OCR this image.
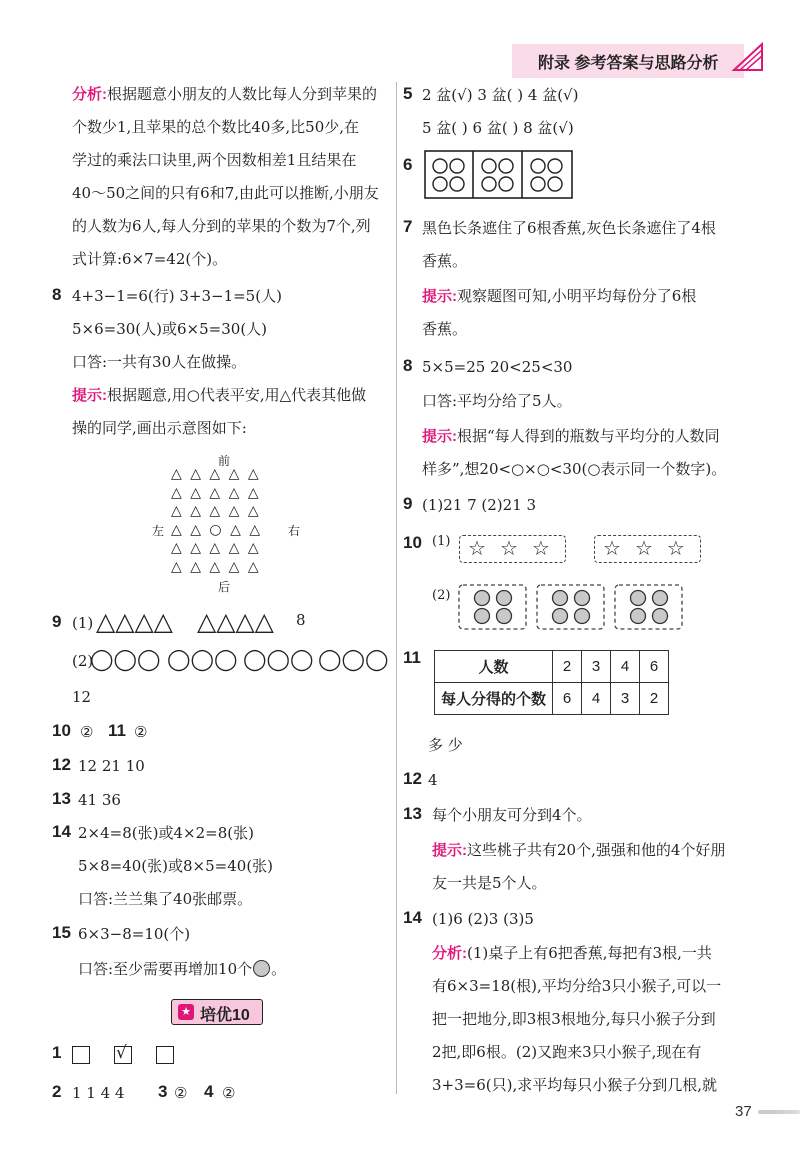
附录 参考答案与思路分析
分析:根据题意小朋友的人数比每人分到苹果的
个数少1,且苹果的总个数比40多,比50少,在
学过的乘法口诀里,两个因数相差1且结果在
40～50之间的只有6和7,由此可以推断,小朋友
的人数为6人,每人分到的苹果的个数为7个,列
式计算:6×7=42(个)。
8 4+3−1=6(行) 3+3−1=5(人)
5×6=30(人)或6×5=30(人)
口答:一共有30人在做操。
提示:根据题意,用○代表平安,用△代表其他做
操的同学,画出示意图如下:
前
后
左	右
△ △ △ △ △
△ △ △ △ △
△ △ △ △ △
△ △ ○ △ △
△ △ △ △ △
△ △ △ △ △
9 (1) △△△△ △△△△ 8
(2)
◯◯◯ ◯◯◯ ◯◯◯ ◯◯◯
12
10 ② 11 ②
12 12 21 10
13 41 36
14 2×4=8(张)或4×2=8(张)
5×8=40(张)或8×5=40(张)
口答:兰兰集了40张邮票。
15 6×3−8=10(个)
口答:至少需要再增加10个 。
★ 培优10
1	√
2 1 1 4 4 3 ② 4 ②
5 2 盆(√) 3 盆( ) 4 盆(√)
5 盆( ) 6 盆( ) 8 盆(√)
6
7 黑色长条遮住了6根香蕉,灰色长条遮住了4根
香蕉。
提示:观察题图可知,小明平均每份分了6根
香蕉。
8 5×5=25 20<25<30
口答:平均分给了5人。
提示:根据“每人得到的瓶数与平均分的人数同
样多”,想20<○×○<30(○表示同一个数字)。
9 (1)21 7 (2)21 3
10 (1) ☆☆☆ ☆☆☆
(2)
11
人数	2	3	4	6
每人分得的个数	6	4	3	2
多 少
12 4
13 每个小朋友可分到4个。
提示:这些桃子共有20个,强强和他的4个好朋
友一共是5个人。
14 (1)6 (2)3 (3)5
分析:(1)桌子上有6把香蕉,每把有3根,一共
有6×3=18(根),平均分给3只小猴子,可以一
把一把地分,即3根3根地分,每只小猴子分到
2把,即6根。(2)又跑来3只小猴子,现在有
3+3=6(只),求平均每只小猴子分到几根,就
37
